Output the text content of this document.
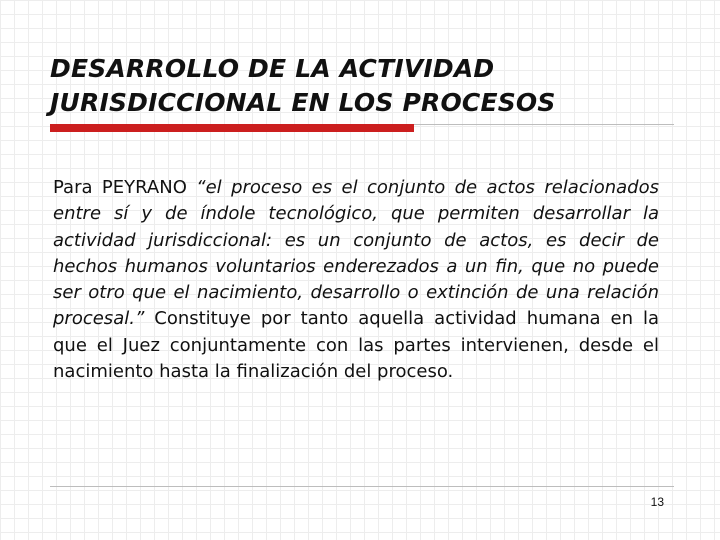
DESARROLLO DE LA ACTIVIDAD
JURISDICCIONAL EN LOS PROCESOS

Para PEYRANO “el proceso es el conjunto de actos relacionados entre sí y de índole tecnológico, que permiten desarrollar la actividad jurisdiccional: es un conjunto de actos, es decir de hechos humanos voluntarios enderezados a un fin, que no puede ser otro que el nacimiento, desarrollo o extinción de una relación procesal.” Constituye por tanto aquella actividad humana en la que el Juez conjuntamente con las partes intervienen, desde el nacimiento hasta la finalización del proceso.

13
